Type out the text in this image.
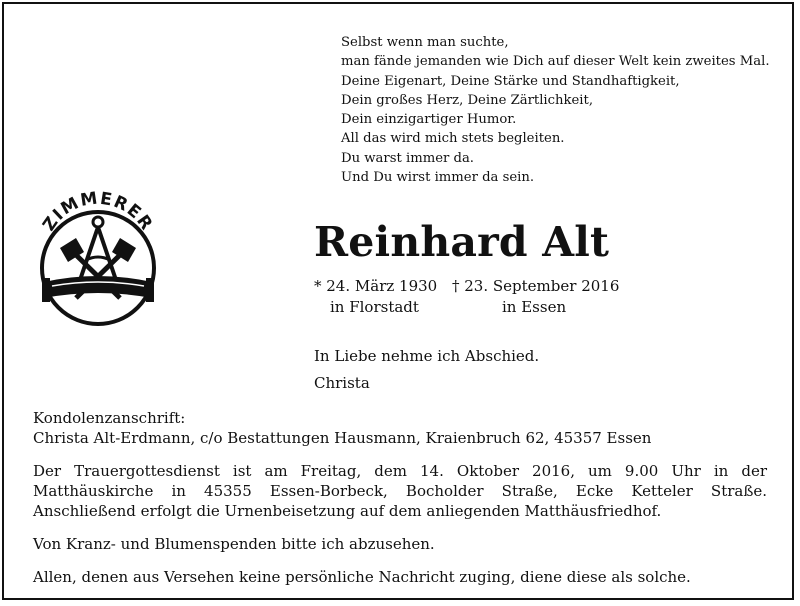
Selbst wenn man suchte,
man fände jemanden wie Dich auf dieser Welt kein zweites Mal.
Deine Eigenart, Deine Stärke und Standhaftigkeit,
Dein großes Herz, Deine Zärtlichkeit,
Dein einzigartiger Humor.
All das wird mich stets begleiten.
Du warst immer da.
Und Du wirst immer da sein.
ZIMMERER	Reinhard Alt
* 24. März 1930
in Florstadt
† 23. September 2016
in Essen
In Liebe nehme ich Abschied.
Christa

Kondolenzanschrift:
Christa Alt-Erdmann, c/o Bestattungen Hausmann, Kraienbruch 62, 45357 Essen

Der Trauergottesdienst ist am Freitag, dem 14. Oktober 2016, um 9.00 Uhr in der Matthäuskirche in 45355 Essen-Borbeck, Bocholder Straße, Ecke Ketteler Straße. Anschließend erfolgt die Urnenbeisetzung auf dem anliegenden Matthäusfriedhof.

Von Kranz- und Blumenspenden bitte ich abzusehen.

Allen, denen aus Versehen keine persönliche Nachricht zuging, diene diese als solche.
